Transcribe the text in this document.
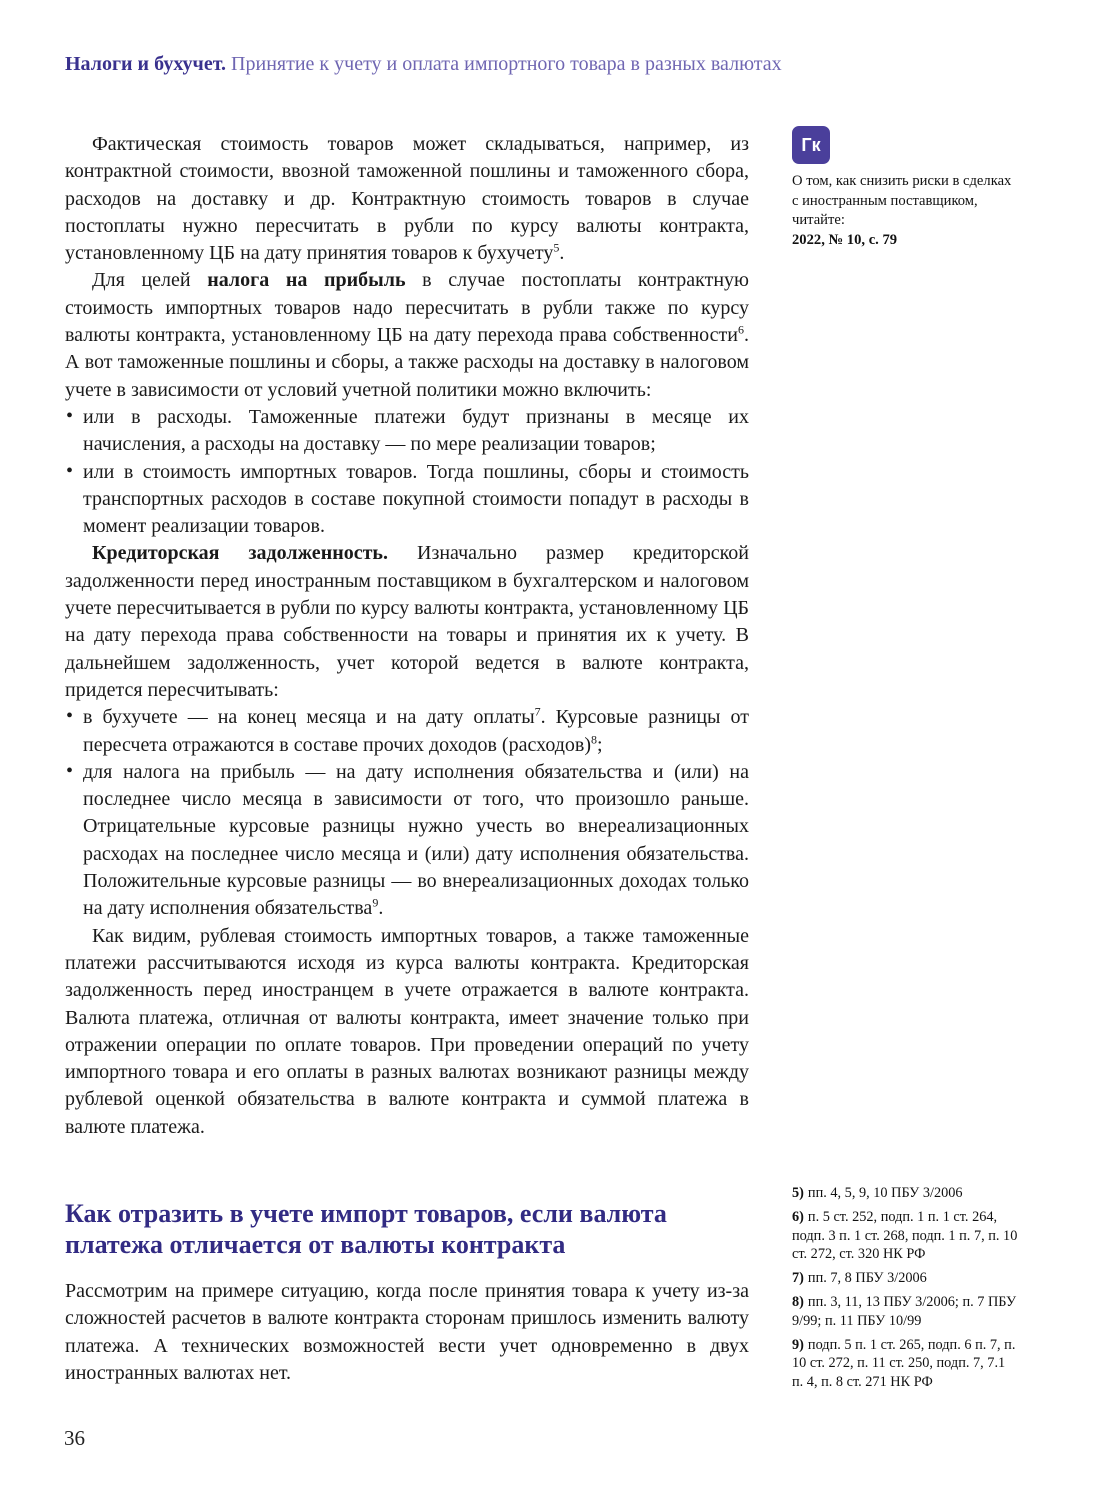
Налоги и бухучет. Принятие к учету и оплата импортного товара в разных валютах

Фактическая стоимость товаров может складываться, например, из контрактной стоимости, ввозной таможенной пошлины и таможенного сбора, расходов на доставку и др. Контрактную стоимость товаров в случае постоплаты нужно пересчитать в рубли по курсу валюты контракта, установленному ЦБ на дату принятия товаров к бухучету$^5$.

Для целей налога на прибыль в случае постоплаты контрактную стоимость импортных товаров надо пересчитать в рубли также по курсу валюты контракта, установленному ЦБ на дату перехода права собственности$^6$. А вот таможенные пошлины и сборы, а также расходы на доставку в налоговом учете в зависимости от условий учетной политики можно включить:

• или в расходы. Таможенные платежи будут признаны в месяце их начисления, а расходы на доставку — по мере реализации товаров;

• или в стоимость импортных товаров. Тогда пошлины, сборы и стоимость транспортных расходов в составе покупной стоимости попадут в расходы в момент реализации товаров.

Кредиторская задолженность. Изначально размер кредиторской задолженности перед иностранным поставщиком в бухгалтерском и налоговом учете пересчитывается в рубли по курсу валюты контракта, установленному ЦБ на дату перехода права собственности на товары и принятия их к учету. В дальнейшем задолженность, учет которой ведется в валюте контракта, придется пересчитывать:

• в бухучете — на конец месяца и на дату оплаты$^7$. Курсовые разницы от пересчета отражаются в составе прочих доходов (расходов)$^8$;

• для налога на прибыль — на дату исполнения обязательства и (или) на последнее число месяца в зависимости от того, что произошло раньше. Отрицательные курсовые разницы нужно учесть во внереализационных расходах на последнее число месяца и (или) дату исполнения обязательства. Положительные курсовые разницы — во внереализационных доходах только на дату исполнения обязательства$^9$.

Как видим, рублевая стоимость импортных товаров, а также таможенные платежи рассчитываются исходя из курса валюты контракта. Кредиторская задолженность перед иностранцем в учете отражается в валюте контракта. Валюта платежа, отличная от валюты контракта, имеет значение только при отражении операции по оплате товаров. При проведении операций по учету импортного товара и его оплаты в разных валютах возникают разницы между рублевой оценкой обязательства в валюте контракта и суммой платежа в валюте платежа.

Как отразить в учете импорт товаров, если валюта платежа отличается от валюты контракта

Рассмотрим на примере ситуацию, когда после принятия товара к учету из-за сложностей расчетов в валюте контракта сторонам пришлось изменить валюту платежа. А технических возможностей вести учет одновременно в двух иностранных валютах нет.

Гк
О том, как снизить риски в сделках с иностранным поставщиком, читайте:
2022, № 10, с. 79

5) пп. 4, 5, 9, 10 ПБУ 3/2006

6) п. 5 ст. 252, подп. 1 п. 1 ст. 264, подп. 3 п. 1 ст. 268, подп. 1 п. 7, п. 10 ст. 272, ст. 320 НК РФ

7) пп. 7, 8 ПБУ 3/2006

8) пп. 3, 11, 13 ПБУ 3/2006; п. 7 ПБУ 9/99; п. 11 ПБУ 10/99

9) подп. 5 п. 1 ст. 265, подп. 6 п. 7, п. 10 ст. 272, п. 11 ст. 250, подп. 7, 7.1 п. 4, п. 8 ст. 271 НК РФ

36
